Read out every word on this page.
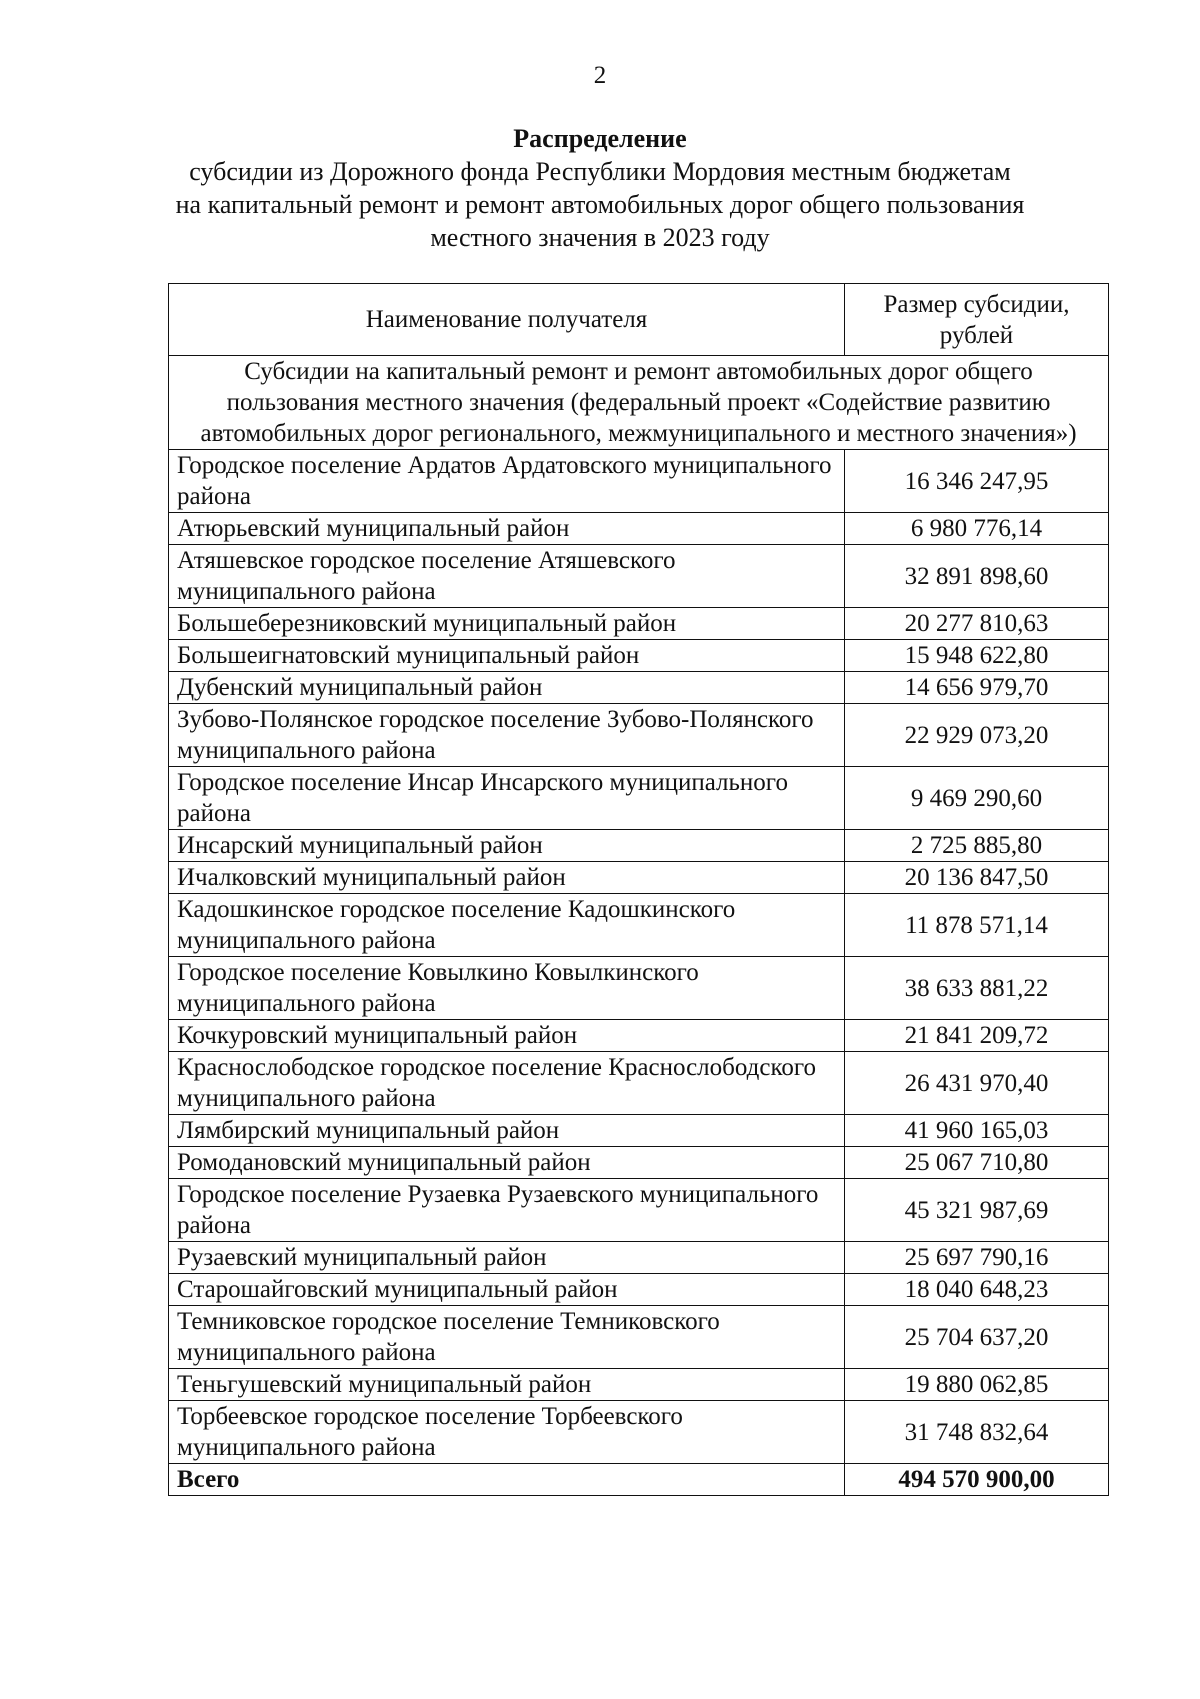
2
Распределение
субсидии из Дорожного фонда Республики Мордовия местным бюджетам
на капитальный ремонт и ремонт автомобильных дорог общего пользования
местного значения в 2023 году
Наименование получателя	Размер субсидии, рублей
Субсидии на капитальный ремонт и ремонт автомобильных дорог общего пользования местного значения (федеральный проект «Содействие развитию автомобильных дорог регионального, межмуниципального и местного значения»)	
Городское поселение Ардатов Ардатовского муниципального района	16 346 247,95
Атюрьевский муниципальный район	6 980 776,14
Атяшевское городское поселение Атяшевского муниципального района	32 891 898,60
Большеберезниковский муниципальный район	20 277 810,63
Большеигнатовский муниципальный район	15 948 622,80
Дубенский муниципальный район	14 656 979,70
Зубово-Полянское городское поселение Зубово-Полянского муниципального района	22 929 073,20
Городское поселение Инсар Инсарского муниципального района	9 469 290,60
Инсарский муниципальный район	2 725 885,80
Ичалковский муниципальный район	20 136 847,50
Кадошкинское городское поселение Кадошкинского муниципального района	11 878 571,14
Городское поселение Ковылкино Ковылкинского муниципального района	38 633 881,22
Кочкуровский муниципальный район	21 841 209,72
Краснослободское городское поселение Краснослободского муниципального района	26 431 970,40
Лямбирский муниципальный район	41 960 165,03
Ромодановский муниципальный район	25 067 710,80
Городское поселение Рузаевка Рузаевского муниципального района	45 321 987,69
Рузаевский муниципальный район	25 697 790,16
Старошайговский муниципальный район	18 040 648,23
Темниковское городское поселение Темниковского муниципального района	25 704 637,20
Теньгушевский муниципальный район	19 880 062,85
Торбеевское городское поселение Торбеевского муниципального района	31 748 832,64
Всего	494 570 900,00
